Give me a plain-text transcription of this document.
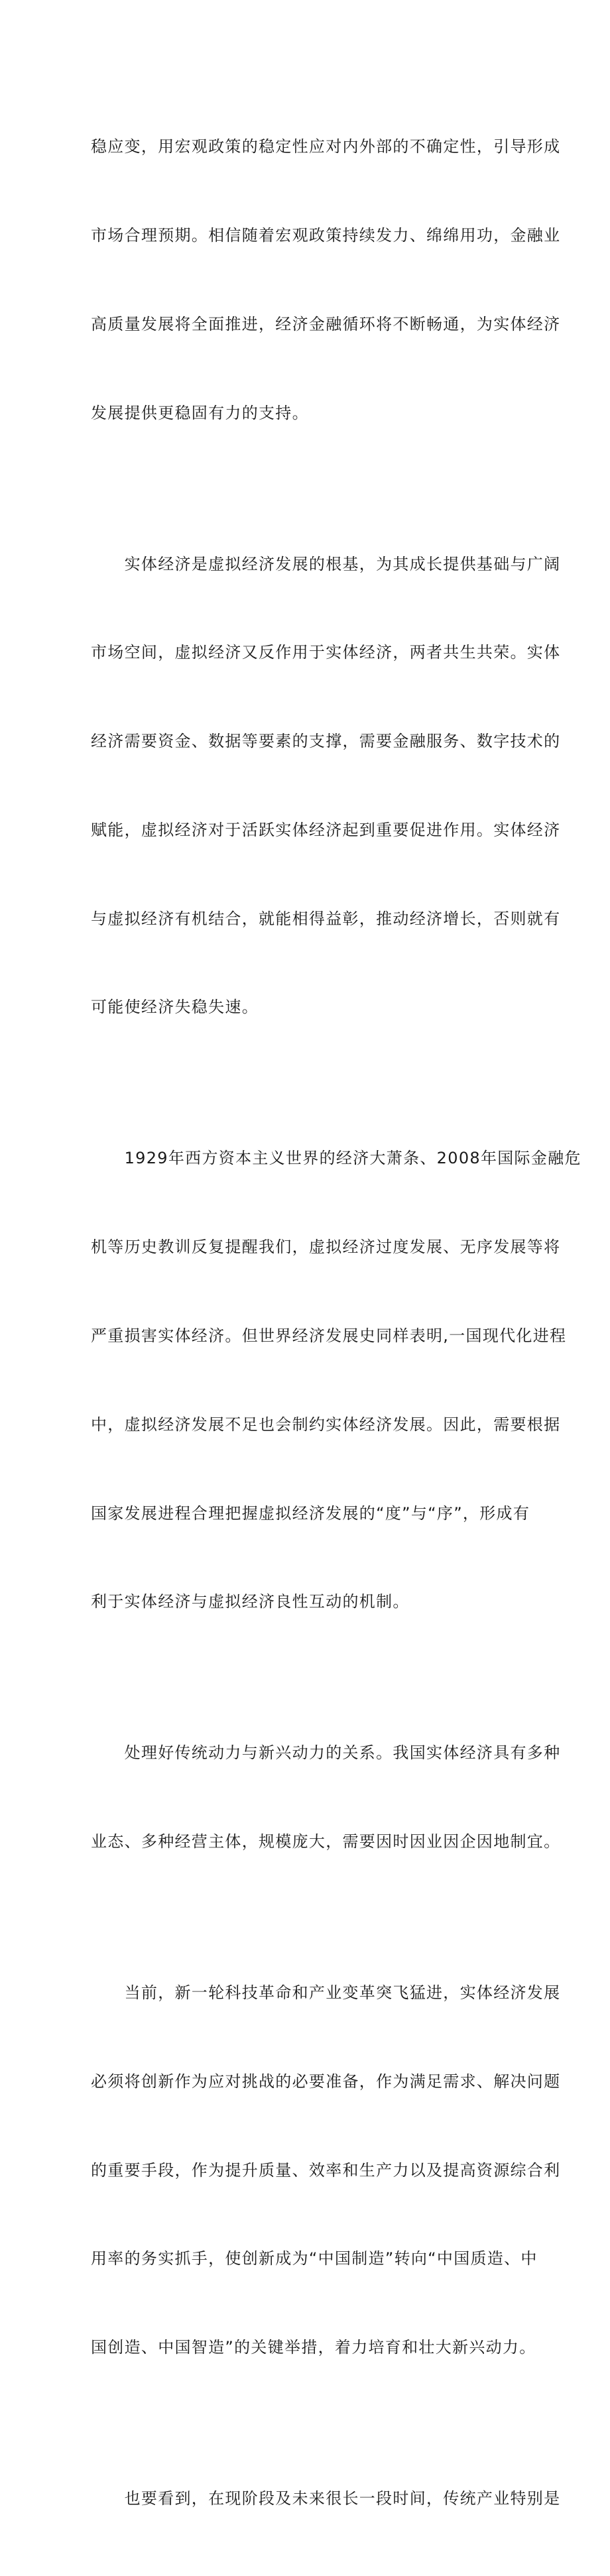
稳应变，用宏观政策的稳定性应对内外部的不确定性，引导形成

市场合理预期。相信随着宏观政策持续发力、绵绵用功，金融业

高质量发展将全面推进，经济金融循环将不断畅通，为实体经济

发展提供更稳固有力的支持。

　　实体经济是虚拟经济发展的根基，为其成长提供基础与广阔

市场空间，虚拟经济又反作用于实体经济，两者共生共荣。实体

经济需要资金、数据等要素的支撑，需要金融服务、数字技术的

赋能，虚拟经济对于活跃实体经济起到重要促进作用。实体经济

与虚拟经济有机结合，就能相得益彰，推动经济增长，否则就有

可能使经济失稳失速。

　　1929年西方资本主义世界的经济大萧条、2008年国际金融危

机等历史教训反复提醒我们，虚拟经济过度发展、无序发展等将

严重损害实体经济。但世界经济发展史同样表明,一国现代化进程

中，虚拟经济发展不足也会制约实体经济发展。因此，需要根据

国家发展进程合理把握虚拟经济发展的“度”与“序”，形成有

利于实体经济与虚拟经济良性互动的机制。

　　处理好传统动力与新兴动力的关系。我国实体经济具有多种

业态、多种经营主体，规模庞大，需要因时因业因企因地制宜。

　　当前，新一轮科技革命和产业变革突飞猛进，实体经济发展

必须将创新作为应对挑战的必要准备，作为满足需求、解决问题

的重要手段，作为提升质量、效率和生产力以及提高资源综合利

用率的务实抓手，使创新成为“中国制造”转向“中国质造、中

国创造、中国智造”的关键举措，着力培育和壮大新兴动力。

　　也要看到，在现阶段及未来很长一段时间，传统产业特别是
